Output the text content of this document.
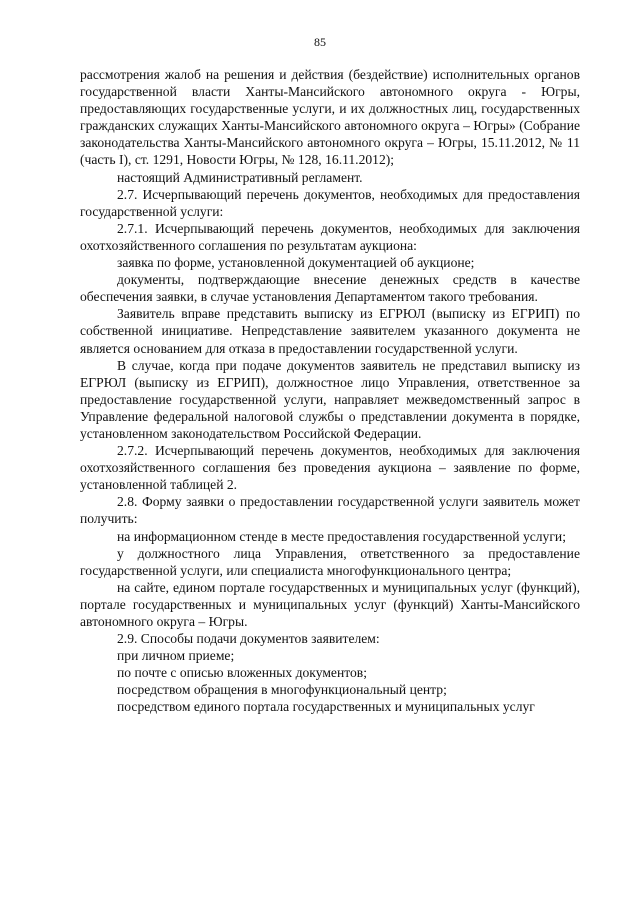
85

рассмотрения жалоб на решения и действия (бездействие) исполнительных органов государственной власти Ханты-Мансийского автономного округа - Югры, предоставляющих государственные услуги, и их должностных лиц, государственных гражданских служащих Ханты-Мансийского автономного округа – Югры» (Собрание законодательства Ханты-Мансийского автономного округа – Югры, 15.11.2012, № 11 (часть I), ст. 1291, Новости Югры, № 128, 16.11.2012);

настоящий Административный регламент.

2.7. Исчерпывающий перечень документов, необходимых для предоставления государственной услуги:

2.7.1. Исчерпывающий перечень документов, необходимых для заключения охотхозяйственного соглашения по результатам аукциона:

заявка по форме, установленной документацией об аукционе;

документы, подтверждающие внесение денежных средств в качестве обеспечения заявки, в случае установления Департаментом такого требования.

Заявитель вправе представить выписку из ЕГРЮЛ (выписку из ЕГРИП) по собственной инициативе. Непредставление заявителем указанного документа не является основанием для отказа в предоставлении государственной услуги.

В случае, когда при подаче документов заявитель не представил выписку из ЕГРЮЛ (выписку из ЕГРИП), должностное лицо Управления, ответственное за предоставление государственной услуги, направляет межведомственный запрос в Управление федеральной налоговой службы о представлении документа в порядке, установленном законодательством Российской Федерации.

2.7.2. Исчерпывающий перечень документов, необходимых для заключения охотхозяйственного соглашения без проведения аукциона – заявление по форме, установленной таблицей 2.

2.8. Форму заявки о предоставлении государственной услуги заявитель может получить:

на информационном стенде в месте предоставления государственной услуги;

у должностного лица Управления, ответственного за предоставление государственной услуги, или специалиста многофункционального центра;

на сайте, едином портале государственных и муниципальных услуг (функций), портале государственных и муниципальных услуг (функций) Ханты-Мансийского автономного округа – Югры.

2.9. Способы подачи документов заявителем:

при личном приеме;

по почте с описью вложенных документов;

посредством обращения в многофункциональный центр;

посредством единого портала государственных и муниципальных услуг
